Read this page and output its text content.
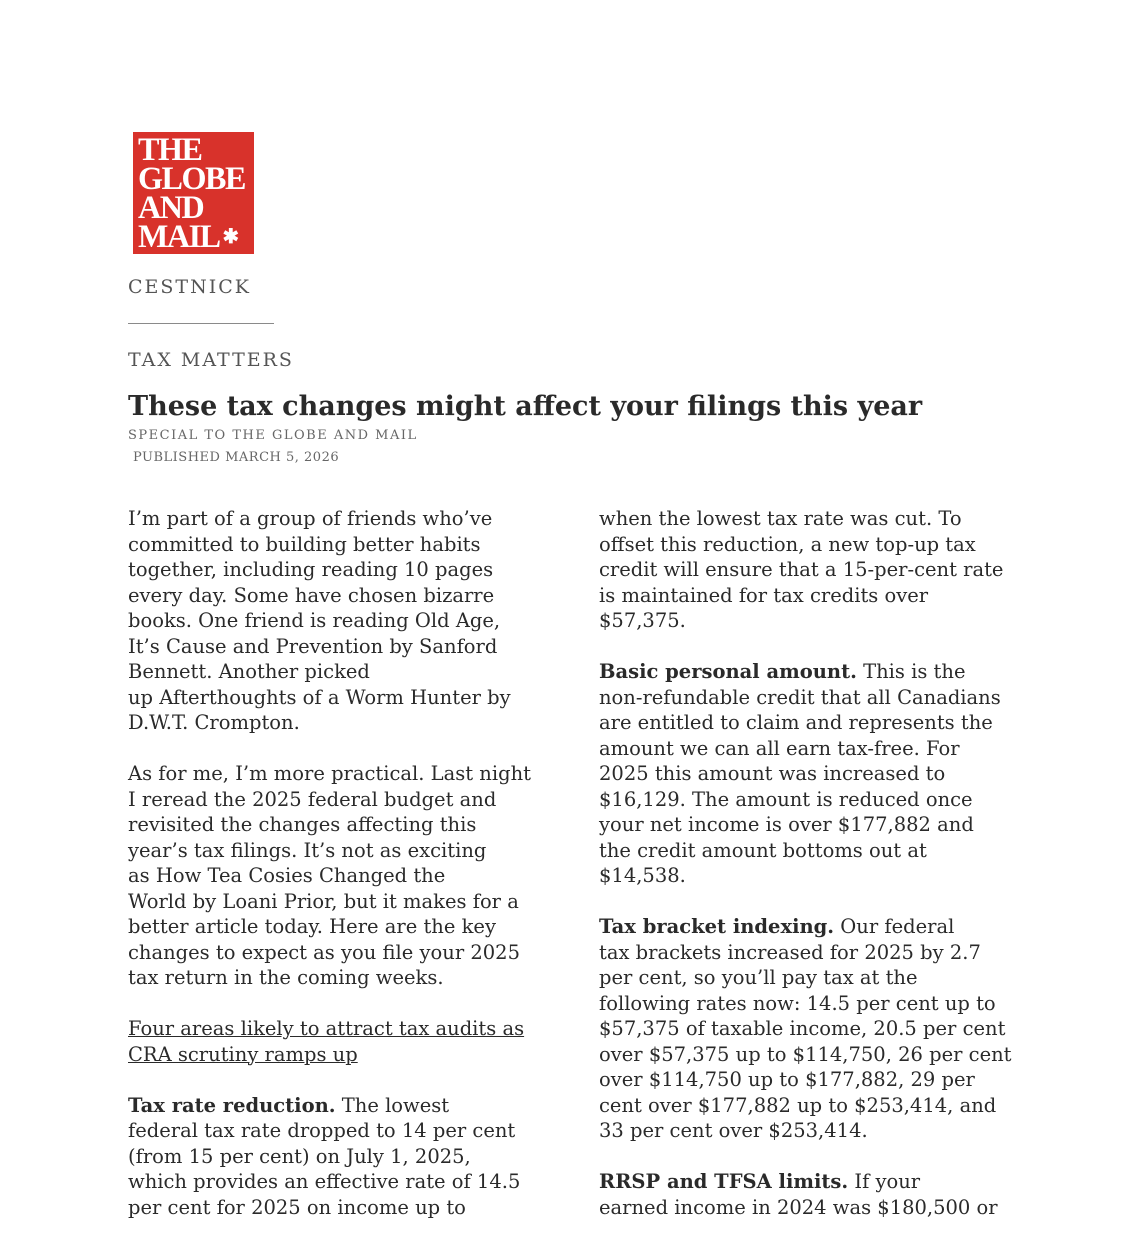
THE
GLOBE
AND
MAIL ✱
CESTNICK
TAX MATTERS
These tax changes might affect your filings this year
SPECIAL TO THE GLOBE AND MAIL
PUBLISHED MARCH 5, 2026

I’m part of a group of friends who’ve
committed to building better habits
together, including reading 10 pages
every day. Some have chosen bizarre
books. One friend is reading Old Age,
It’s Cause and Prevention by Sanford
Bennett. Another picked
up Afterthoughts of a Worm Hunter by
D.W.T. Crompton.

As for me, I’m more practical. Last night
I reread the 2025 federal budget and
revisited the changes affecting this
year’s tax filings. It’s not as exciting
as How Tea Cosies Changed the
World by Loani Prior, but it makes for a
better article today. Here are the key
changes to expect as you file your 2025
tax return in the coming weeks.

Four areas likely to attract tax audits as
CRA scrutiny ramps up

Tax rate reduction. The lowest
federal tax rate dropped to 14 per cent
(from 15 per cent) on July 1, 2025,
which provides an effective rate of 14.5
per cent for 2025 on income up to

when the lowest tax rate was cut. To
offset this reduction, a new top-up tax
credit will ensure that a 15-per-cent rate
is maintained for tax credits over
$57,375.

Basic personal amount. This is the
non-refundable credit that all Canadians
are entitled to claim and represents the
amount we can all earn tax-free. For
2025 this amount was increased to
$16,129. The amount is reduced once
your net income is over $177,882 and
the credit amount bottoms out at
$14,538.

Tax bracket indexing. Our federal
tax brackets increased for 2025 by 2.7
per cent, so you’ll pay tax at the
following rates now: 14.5 per cent up to
$57,375 of taxable income, 20.5 per cent
over $57,375 up to $114,750, 26 per cent
over $114,750 up to $177,882, 29 per
cent over $177,882 up to $253,414, and
33 per cent over $253,414.

RRSP and TFSA limits. If your
earned income in 2024 was $180,500 or
